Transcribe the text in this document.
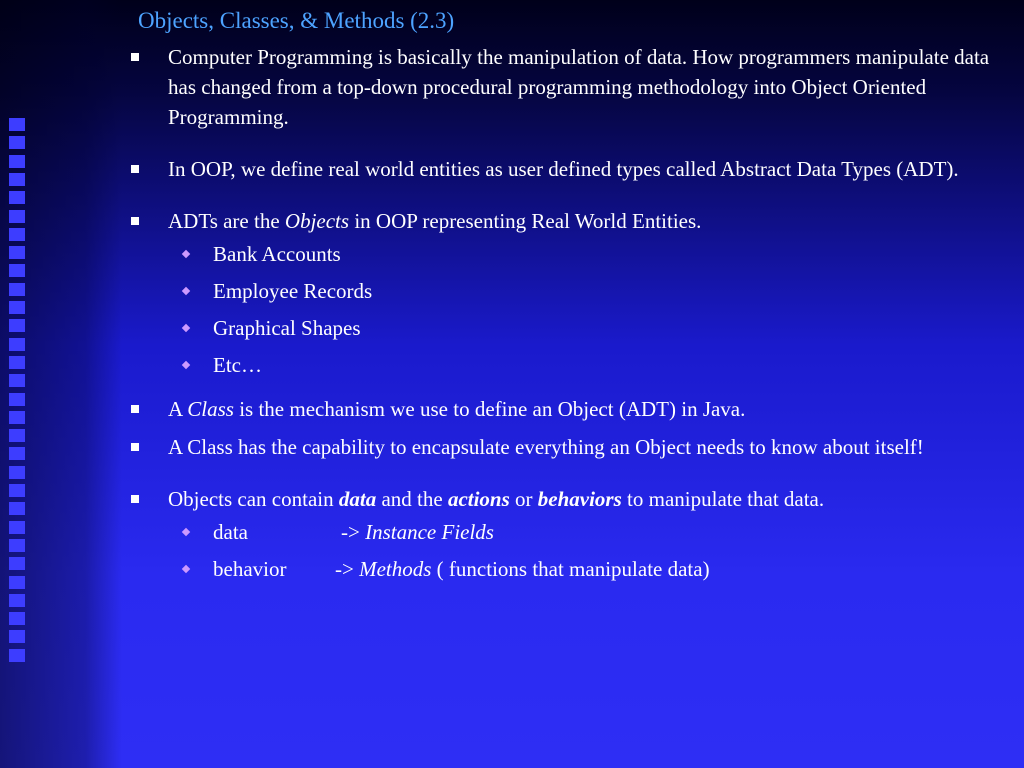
Objects, Classes, & Methods (2.3)
Computer Programming is basically the manipulation of data. How programmers manipulate data has changed from a top-down procedural programming methodology into Object Oriented Programming.
In OOP, we define real world entities as user defined types called Abstract Data Types (ADT).
ADTs are the Objects in OOP representing Real World Entities.
Bank Accounts
Employee Records
Graphical Shapes
Etc…
A Class is the mechanism we use to define an Object (ADT) in Java.
A Class has the capability to encapsulate everything an Object needs to know about itself!
Objects can contain data and the actions or behaviors to manipulate that data.
data	-> Instance Fields
behavior -> Methods ( functions that manipulate data)
